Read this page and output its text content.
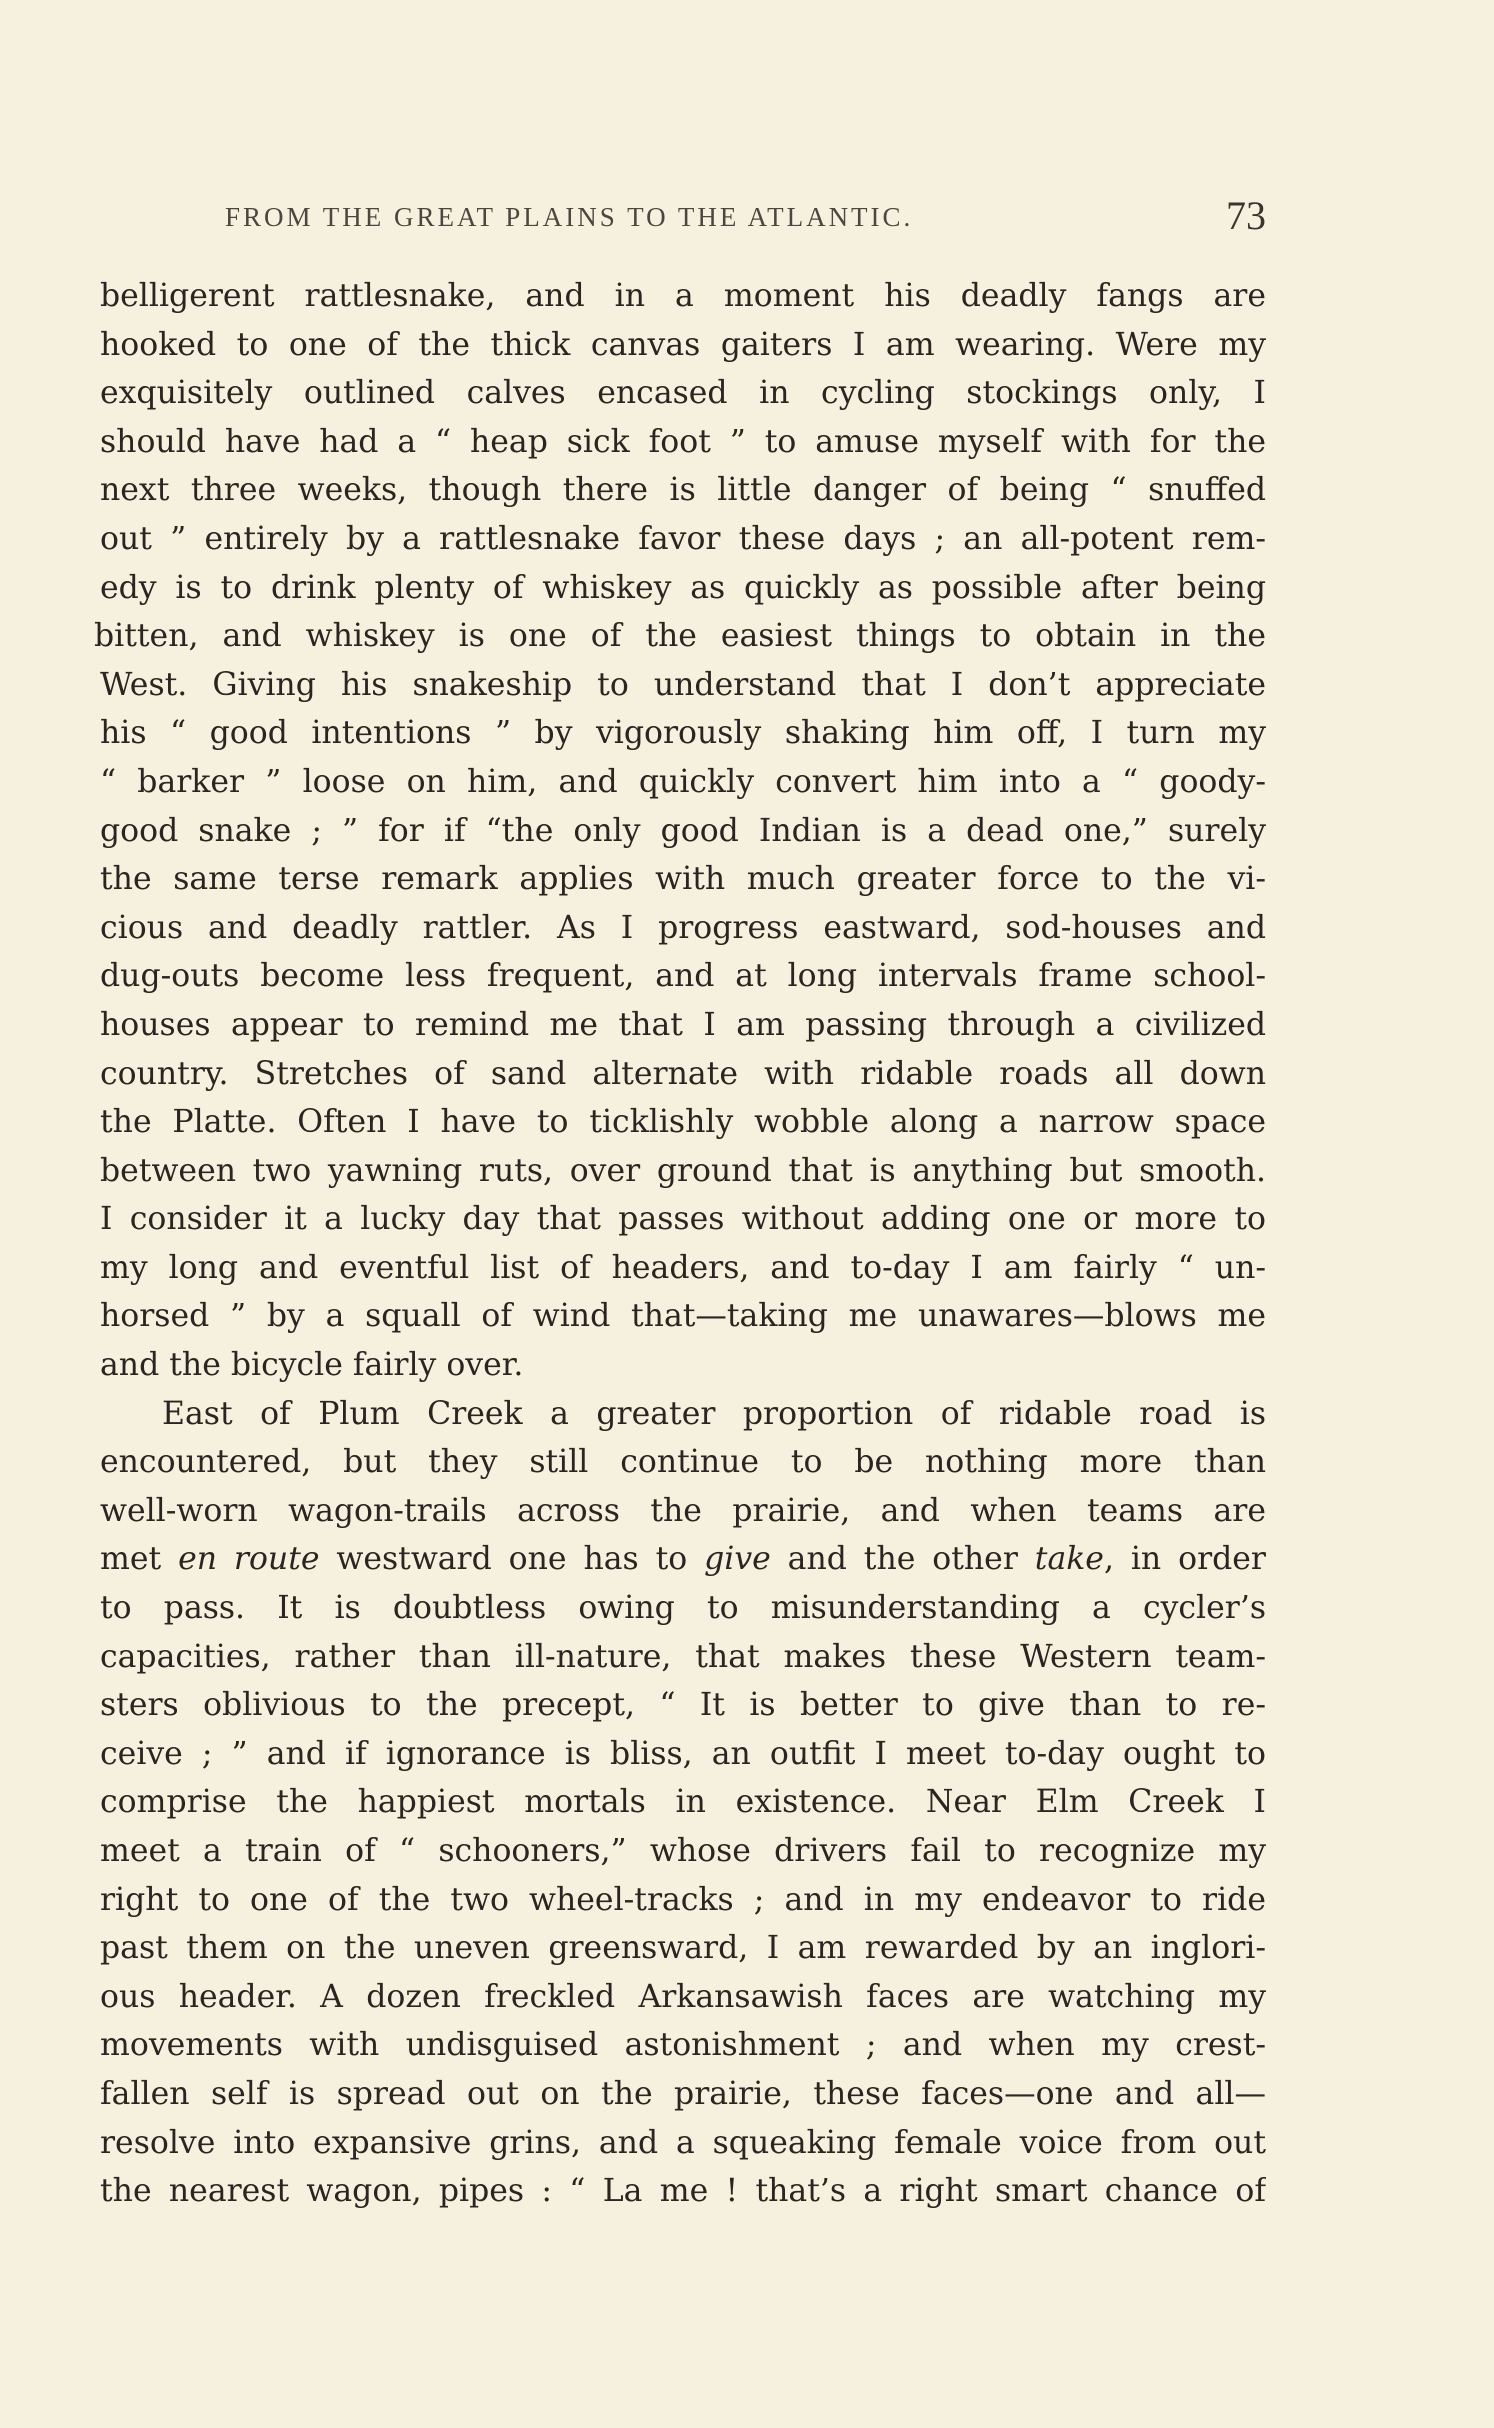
FROM THE GREAT PLAINS TO THE ATLANTIC.	73
belligerent rattlesnake, and in a moment his deadly fangs are
hooked to one of the thick canvas gaiters I am wearing. Were my
exquisitely outlined calves encased in cycling stockings only, I
should have had a “ heap sick foot ” to amuse myself with for the
next three weeks, though there is little danger of being “ snuffed
out ” entirely by a rattlesnake favor these days ; an all-potent rem-
edy is to drink plenty of whiskey as quickly as possible after being
bitten, and whiskey is one of the easiest things to obtain in the
West. Giving his snakeship to understand that I don’t appreciate
his “ good intentions ” by vigorously shaking him off, I turn my
“ barker ” loose on him, and quickly convert him into a “ goody-
good snake ; ” for if “the only good Indian is a dead one,” surely
the same terse remark applies with much greater force to the vi-
cious and deadly rattler. As I progress eastward, sod-houses and
dug-outs become less frequent, and at long intervals frame school-
houses appear to remind me that I am passing through a civilized
country. Stretches of sand alternate with ridable roads all down
the Platte. Often I have to ticklishly wobble along a narrow space
between two yawning ruts, over ground that is anything but smooth.
I consider it a lucky day that passes without adding one or more to
my long and eventful list of headers, and to-day I am fairly “ un-
horsed ” by a squall of wind that—taking me unawares—blows me
and the bicycle fairly over.
East of Plum Creek a greater proportion of ridable road is
encountered, but they still continue to be nothing more than
well-worn wagon-trails across the prairie, and when teams are
met en route westward one has to give and the other take, in order
to pass. It is doubtless owing to misunderstanding a cycler’s
capacities, rather than ill-nature, that makes these Western team-
sters oblivious to the precept, “ It is better to give than to re-
ceive ; ” and if ignorance is bliss, an outfit I meet to-day ought to
comprise the happiest mortals in existence. Near Elm Creek I
meet a train of “ schooners,” whose drivers fail to recognize my
right to one of the two wheel-tracks ; and in my endeavor to ride
past them on the uneven greensward, I am rewarded by an inglori-
ous header. A dozen freckled Arkansawish faces are watching my
movements with undisguised astonishment ; and when my crest-
fallen self is spread out on the prairie, these faces—one and all—
resolve into expansive grins, and a squeaking female voice from out
the nearest wagon, pipes : “ La me ! that’s a right smart chance of
